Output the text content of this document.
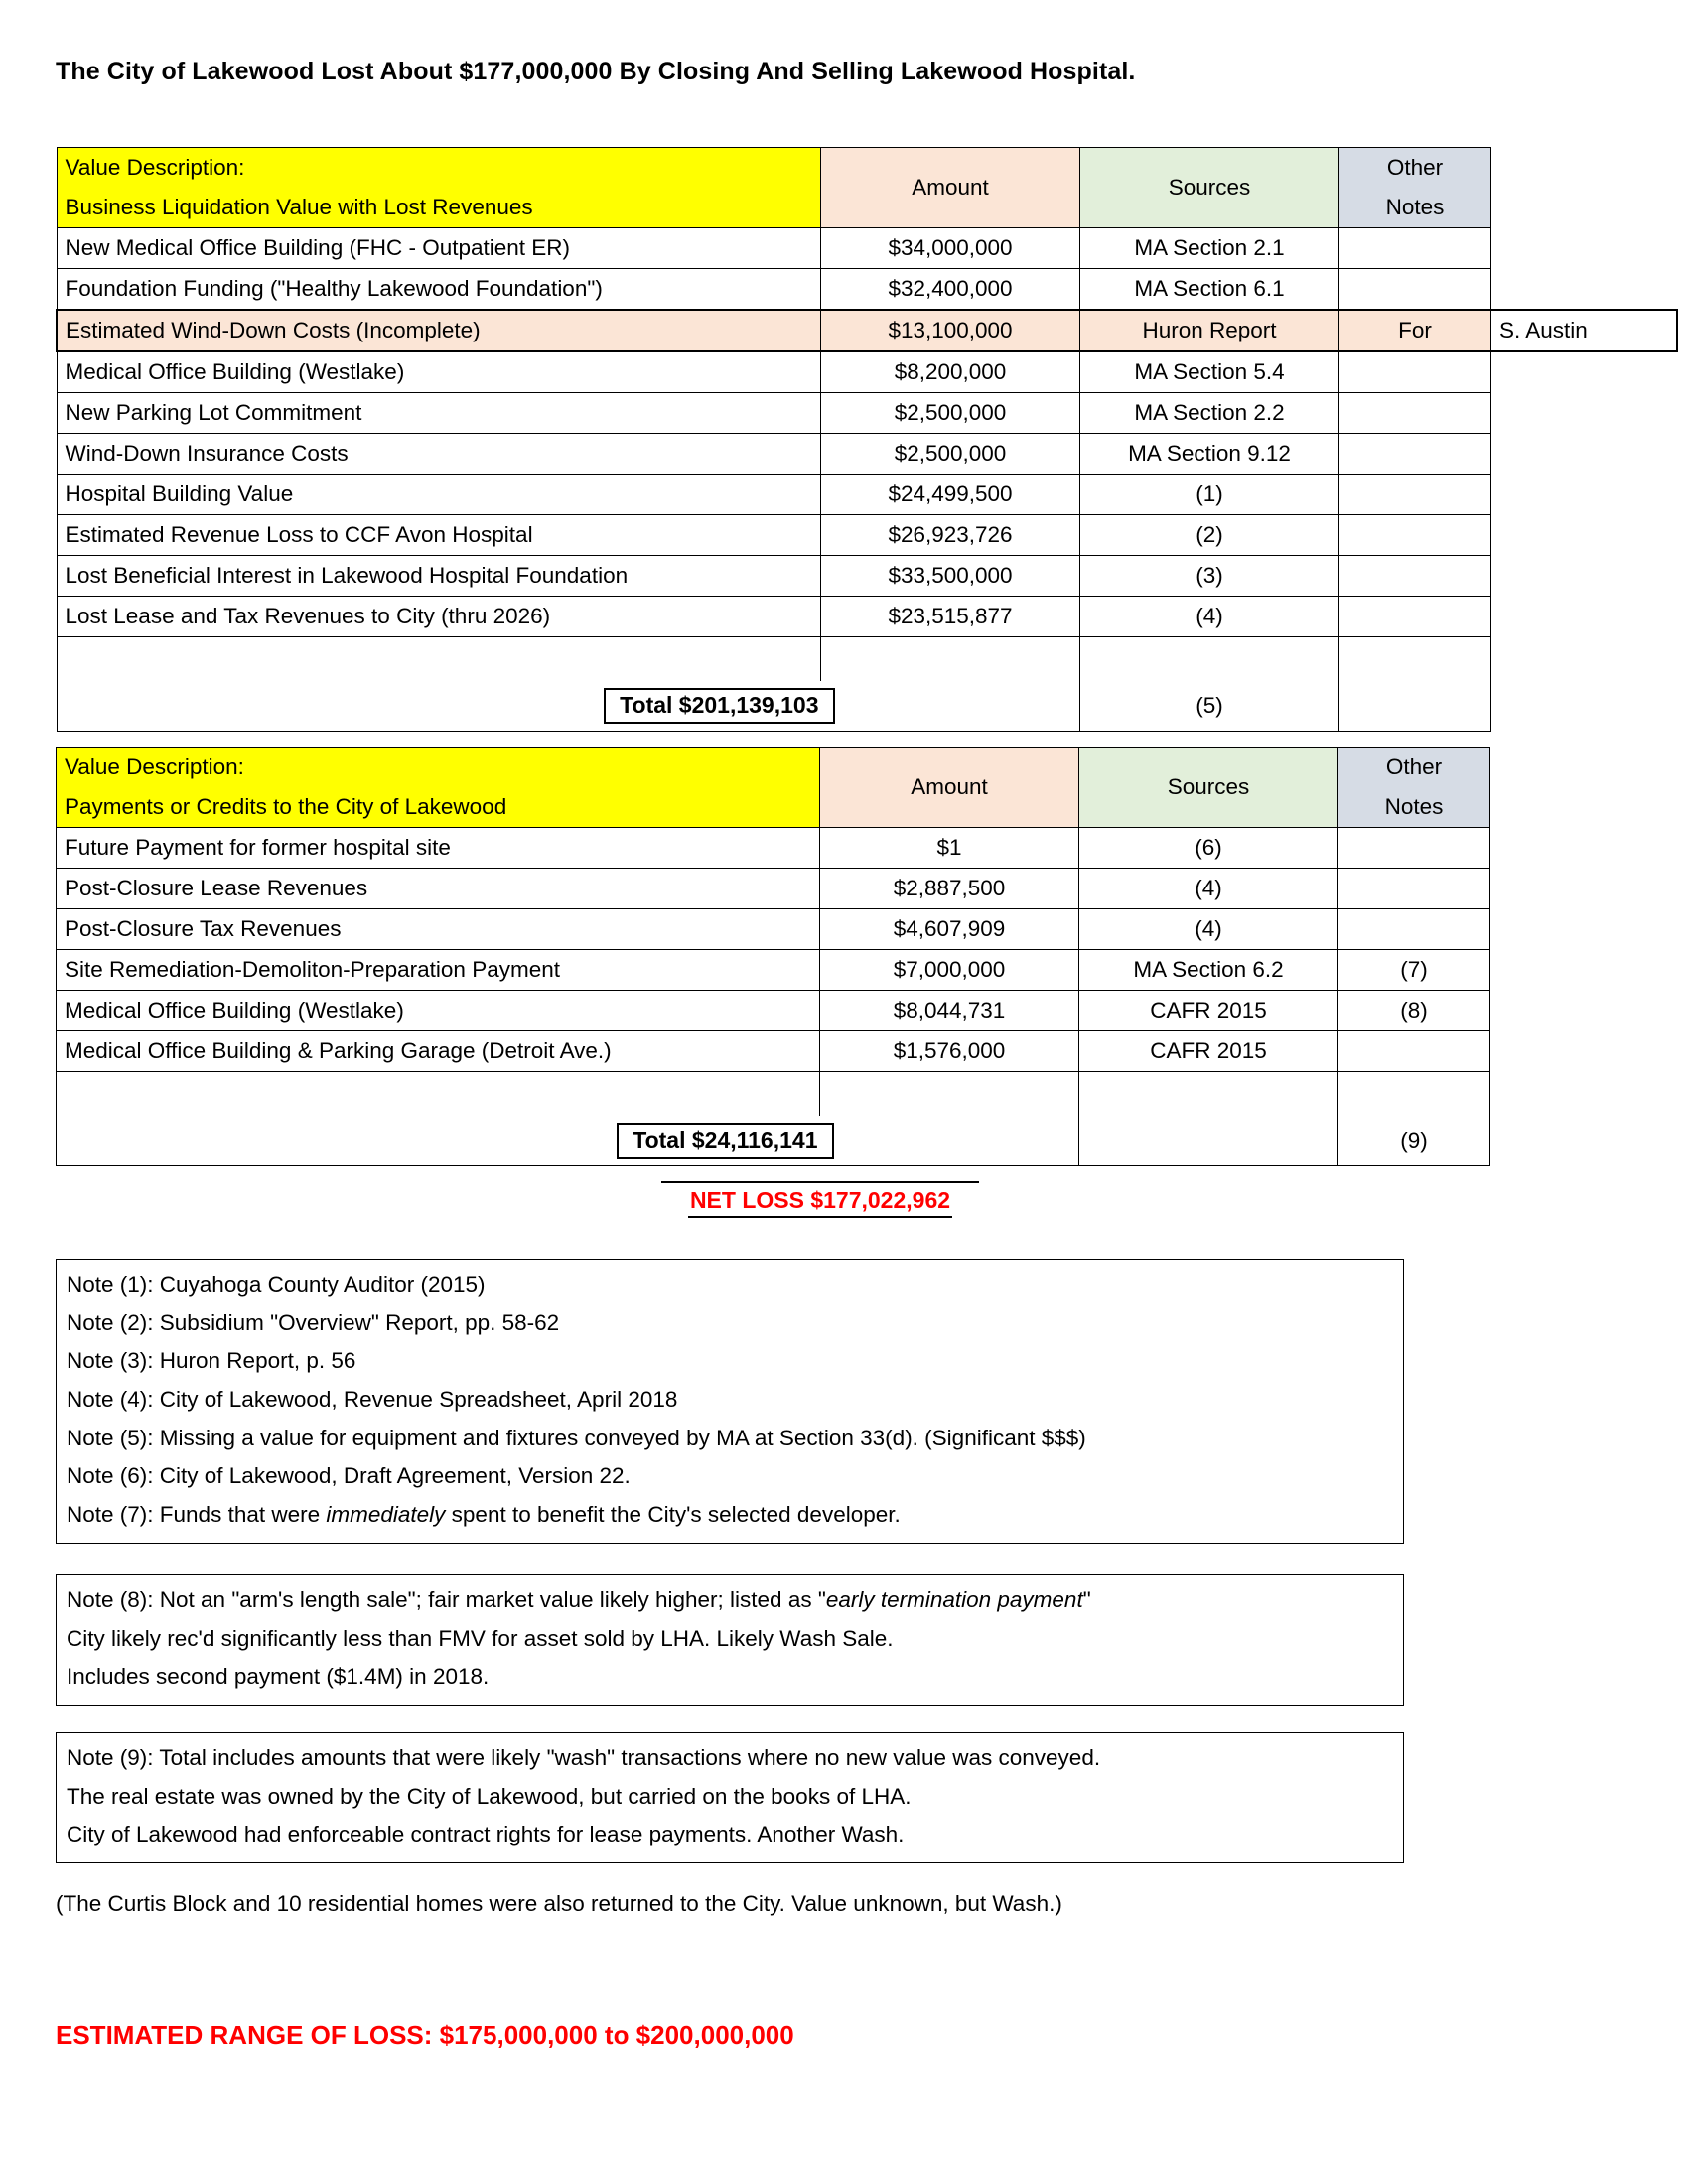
The City of Lakewood Lost About $177,000,000 By Closing And Selling Lakewood Hospital.
Value Description:	Amount	Sources	Other	
Business Liquidation Value with Lost Revenues			Notes	
New Medical Office Building (FHC - Outpatient ER)	$34,000,000	MA Section 2.1		
Foundation Funding ("Healthy Lakewood Foundation")	$32,400,000	MA Section 6.1		
Estimated Wind-Down Costs (Incomplete)	$13,100,000	Huron Report	For	S. Austin
Medical Office Building (Westlake)	$8,200,000	MA Section 5.4		
New Parking Lot Commitment	$2,500,000	MA Section 2.2		
Wind-Down Insurance Costs	$2,500,000	MA Section 9.12		
Hospital Building Value	$24,499,500	(1)		
Estimated Revenue Loss to CCF Avon Hospital	$26,923,726	(2)		
Lost Beneficial Interest in Lakewood Hospital Foundation	$33,500,000	(3)		
Lost Lease and Tax Revenues to City (thru 2026)	$23,515,877	(4)		

Total $201,139,103		(5)		
Value Description:	Amount	Sources	Other	
Payments or Credits to the City of Lakewood			Notes	
Future Payment for former hospital site	$1	(6)		
Post-Closure Lease Revenues	$2,887,500	(4)		
Post-Closure Tax Revenues	$4,607,909	(4)		
Site Remediation-Demoliton-Preparation Payment	$7,000,000	MA Section 6.2	(7)	
Medical Office Building (Westlake)	$8,044,731	CAFR 2015	(8)	
Medical Office Building & Parking Garage (Detroit Ave.)	$1,576,000	CAFR 2015		

Total $24,116,141			(9)	
NET LOSS $177,022,962
Note (1): Cuyahoga County Auditor (2015)
Note (2): Subsidium "Overview" Report, pp. 58-62
Note (3): Huron Report, p. 56
Note (4): City of Lakewood, Revenue Spreadsheet, April 2018
Note (5): Missing a value for equipment and fixtures conveyed by MA at Section 33(d). (Significant $$$)
Note (6): City of Lakewood, Draft Agreement, Version 22.
Note (7): Funds that were immediately spent to benefit the City's selected developer.
Note (8): Not an "arm's length sale"; fair market value likely higher; listed as "early termination payment"
City likely rec'd significantly less than FMV for asset sold by LHA. Likely Wash Sale.
Includes second payment ($1.4M) in 2018.
Note (9): Total includes amounts that were likely "wash" transactions where no new value was conveyed.
The real estate was owned by the City of Lakewood, but carried on the books of LHA.
City of Lakewood had enforceable contract rights for lease payments. Another Wash.
(The Curtis Block and 10 residential homes were also returned to the City. Value unknown, but Wash.)
ESTIMATED RANGE OF LOSS: $175,000,000 to $200,000,000
